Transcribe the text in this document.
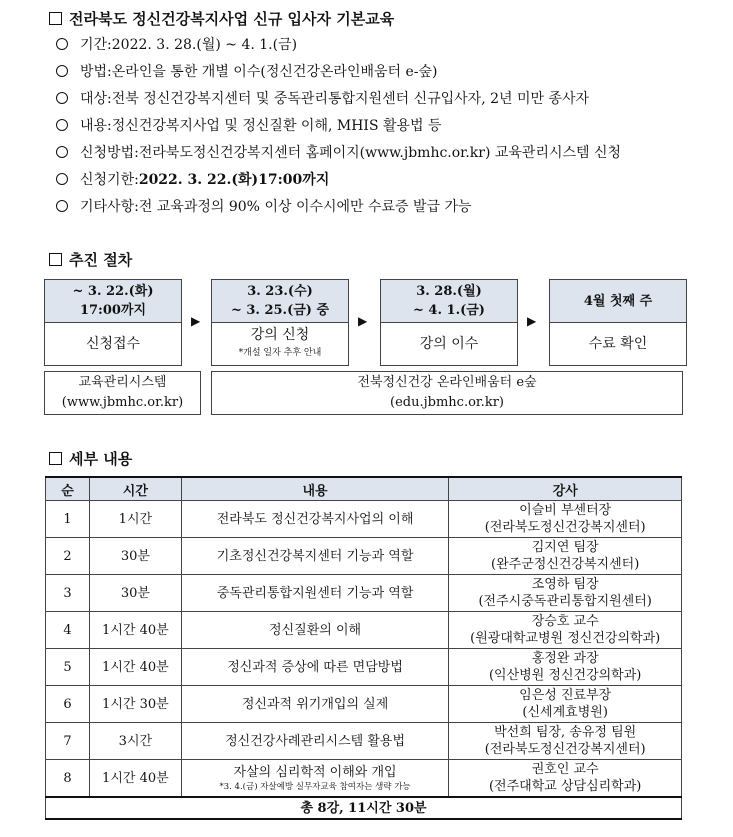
전라북도 정신건강복지사업 신규 입사자 기본교육
기간: 2022. 3. 28.(월) ~ 4. 1.(금)
방법: 온라인을 통한 개별 이수(정신건강온라인배움터 e-숲)
대상: 전북 정신건강복지센터 및 중독관리통합지원센터 신규입사자, 2년 미만 종사자
내용: 정신건강복지사업 및 정신질환 이해, MHIS 활용법 등
신청방법: 전라북도정신건강복지센터 홈페이지(www.jbmhc.or.kr) 교육관리시스템 신청
신청기한: 2022. 3. 22.(화)17:00까지
기타사항: 전 교육과정의 90% 이상 이수시에만 수료증 발급 가능
추진 절차
~ 3. 22.(화)
17:00까지
신청접수
▶
3. 23.(수)
~ 3. 25.(금) 중
강의 신청
*개설 일자 추후 안내
▶
3. 28.(월)
~ 4. 1.(금)
강의 이수
▶
4월 첫째 주
수료 확인
교육관리시스템
(www.jbmhc.or.kr)
전북정신건강 온라인배움터 e숲
(edu.jbmhc.or.kr)
세부 내용
순	시간	내용	강사
1	1시간	전라북도 정신건강복지사업의 이해	이슬비 부센터장
(전라북도정신건강복지센터)

2	30분	기초정신건강복지센터 기능과 역할	김지연 팀장
(완주군정신건강복지센터)

3	30분	중독관리통합지원센터 기능과 역할	조영하 팀장
(전주시중독관리통합지원센터)

4	1시간 40분	정신질환의 이해	장승호 교수
(원광대학교병원 정신건강의학과)

5	1시간 40분	정신과적 증상에 따른 면담방법	홍정완 과장
(익산병원 정신건강의학과)

6	1시간 30분	정신과적 위기개입의 실제	임은성 진료부장
(신세계효병원)

7	3시간	정신건강사례관리시스템 활용법	박선희 팀장, 송유정 팀원
(전라북도정신건강복지센터)

8	1시간 40분	자살의 심리학적 이해와 개입
*3. 4.(금) 자살예방 실무자교육 참여자는 생략 가능	권호인 교수
(전주대학교 상담심리학과)

총 8강, 11시간 30분			
